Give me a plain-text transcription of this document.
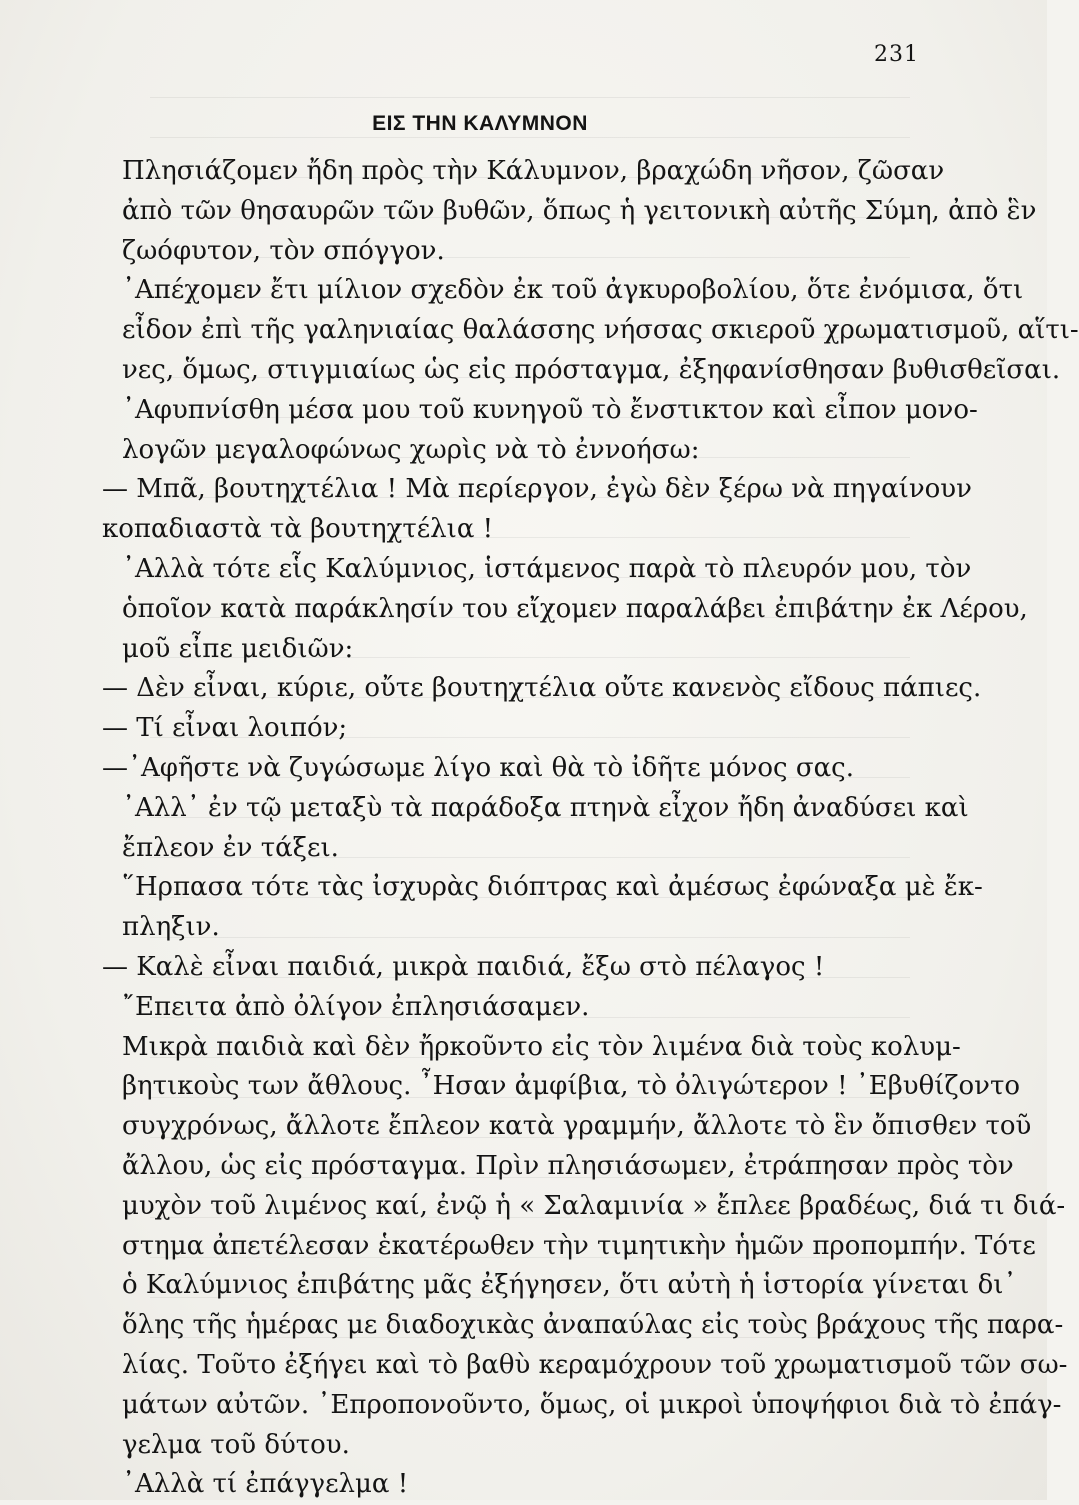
231
ΕΙΣ ΤΗΝ ΚΑΛΥΜΝΟΝ

Πλησιάζομεν ἤδη πρὸς τὴν Κάλυμνον, βραχώδη νῆσον, ζῶσαν
ἀπὸ τῶν θησαυρῶν τῶν βυθῶν, ὅπως ἡ γειτονικὴ αὐτῆς Σύμη, ἀπὸ ἓν
ζωόφυτον, τὸν σπόγγον.

᾿Απέχομεν ἔτι μίλιον σχεδὸν ἐκ τοῦ ἀγκυροβολίου, ὅτε ἐνόμισα, ὅτι
εἶδον ἐπὶ τῆς γαληνιαίας θαλάσσης νήσσας σκιεροῦ χρωματισμοῦ, αἵτι-
νες, ὅμως, στιγμιαίως ὡς εἰς πρόσταγμα, ἐξηφανίσθησαν βυθισθεῖσαι.

᾿Αφυπνίσθη μέσα μου τοῦ κυνηγοῦ τὸ ἔνστικτον καὶ εἶπον μονο-
λογῶν μεγαλοφώνως χωρὶς νὰ τὸ ἐννοήσω:

— Μπᾶ, βουτηχτέλια ! Μὰ περίεργον, ἐγὼ δὲν ξέρω νὰ πηγαίνουν
κοπαδιαστὰ τὰ βουτηχτέλια !

᾿Αλλὰ τότε εἷς Καλύμνιος, ἱστάμενος παρὰ τὸ πλευρόν μου, τὸν
ὁποῖον κατὰ παράκλησίν του εἴχομεν παραλάβει ἐπιβάτην ἐκ Λέρου,
μοῦ εἶπε μειδιῶν:

— Δὲν εἶναι, κύριε, οὔτε βουτηχτέλια οὔτε κανενὸς εἴδους πάπιες.

— Τί εἶναι λοιπόν;

—᾿Αφῆστε νὰ ζυγώσωμε λίγο καὶ θὰ τὸ ἰδῆτε μόνος σας.

᾿Αλλ᾿ ἐν τῷ μεταξὺ τὰ παράδοξα πτηνὰ εἶχον ἤδη ἀναδύσει καὶ
ἔπλεον ἐν τάξει.

῞Ηρπασα τότε τὰς ἰσχυρὰς διόπτρας καὶ ἀμέσως ἐφώναξα μὲ ἔκ-
πληξιν.

— Καλὲ εἶναι παιδιά, μικρὰ παιδιά, ἔξω στὸ πέλαγος !

῎Επειτα ἀπὸ ὀλίγον ἐπλησιάσαμεν.

Μικρὰ παιδιὰ καὶ δὲν ἤρκοῦντο εἰς τὸν λιμένα διὰ τοὺς κολυμ-
βητικοὺς των ἄθλους. ῏Ησαν ἀμφίβια, τὸ ὀλιγώτερον ! ᾿Εβυθίζοντο
συγχρόνως, ἄλλοτε ἔπλεον κατὰ γραμμήν, ἄλλοτε τὸ ἓν ὄπισθεν τοῦ
ἄλλου, ὡς εἰς πρόσταγμα. Πρὶν πλησιάσωμεν, ἐτράπησαν πρὸς τὸν
μυχὸν τοῦ λιμένος καί, ἐνῷ ἡ « Σαλαμινία » ἔπλεε βραδέως, διά τι διά-
στημα ἀπετέλεσαν ἑκατέρωθεν τὴν τιμητικὴν ἡμῶν προπομπήν. Τότε
ὁ Καλύμνιος ἐπιβάτης μᾶς ἐξήγησεν, ὅτι αὐτὴ ἡ ἱστορία γίνεται δι᾿
ὅλης τῆς ἡμέρας με διαδοχικὰς ἀναπαύλας εἰς τοὺς βράχους τῆς παρα-
λίας. Τοῦτο ἐξήγει καὶ τὸ βαθὺ κεραμόχρουν τοῦ χρωματισμοῦ τῶν σω-
μάτων αὐτῶν. ᾿Επροπονοῦντο, ὅμως, οἱ μικροὶ ὑποψήφιοι διὰ τὸ ἐπάγ-
γελμα τοῦ δύτου.

᾿Αλλὰ τί ἐπάγγελμα !
